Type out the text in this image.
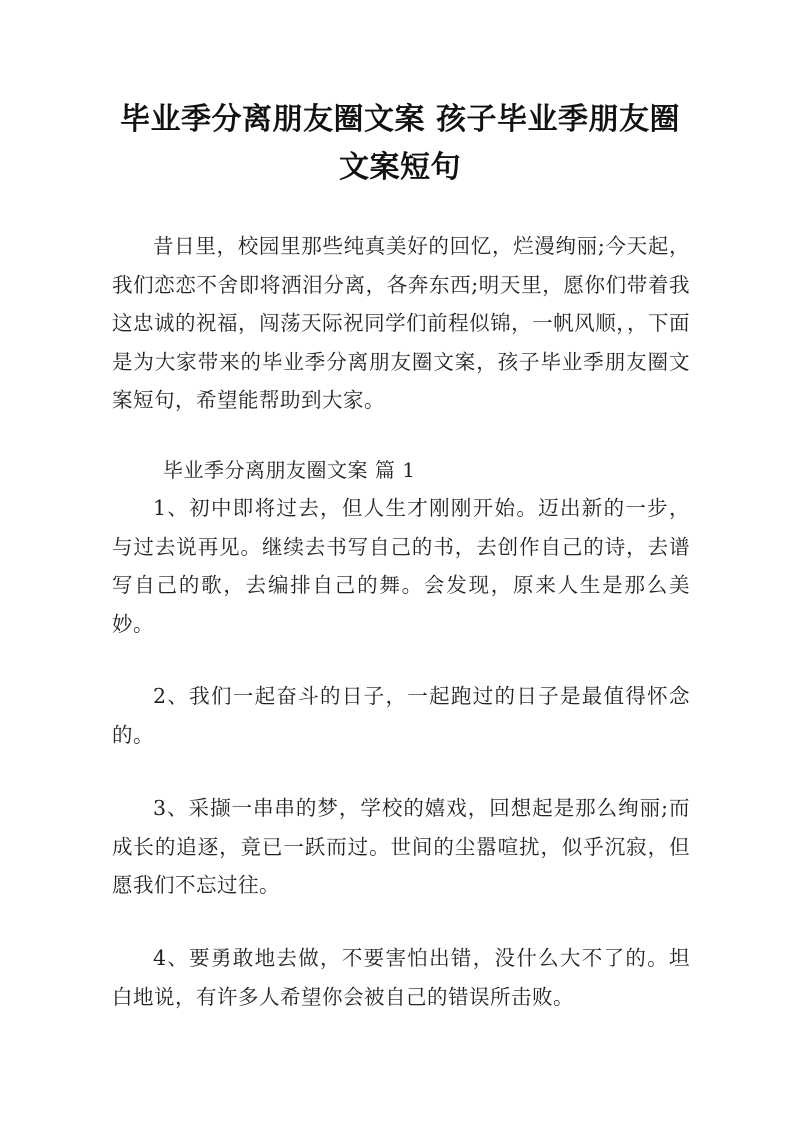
毕业季分离朋友圈文案 孩子毕业季朋友圈文案短句

昔日里，校园里那些纯真美好的回忆，烂漫绚丽;今天起，我们恋恋不舍即将洒泪分离，各奔东西;明天里，愿你们带着我这忠诚的祝福，闯荡天际祝同学们前程似锦，一帆风顺，，下面是为大家带来的毕业季分离朋友圈文案，孩子毕业季朋友圈文案短句，希望能帮助到大家。

毕业季分离朋友圈文案 篇 1

1、初中即将过去，但人生才刚刚开始。迈出新的一步，与过去说再见。继续去书写自己的书，去创作自己的诗，去谱写自己的歌，去编排自己的舞。会发现，原来人生是那么美妙。

2、我们一起奋斗的日子，一起跑过的日子是最值得怀念的。

3、采撷一串串的梦，学校的嬉戏，回想起是那么绚丽;而成长的追逐，竟已一跃而过。世间的尘嚣喧扰，似乎沉寂，但愿我们不忘过往。

4、要勇敢地去做，不要害怕出错，没什么大不了的。坦白地说，有许多人希望你会被自己的错误所击败。
